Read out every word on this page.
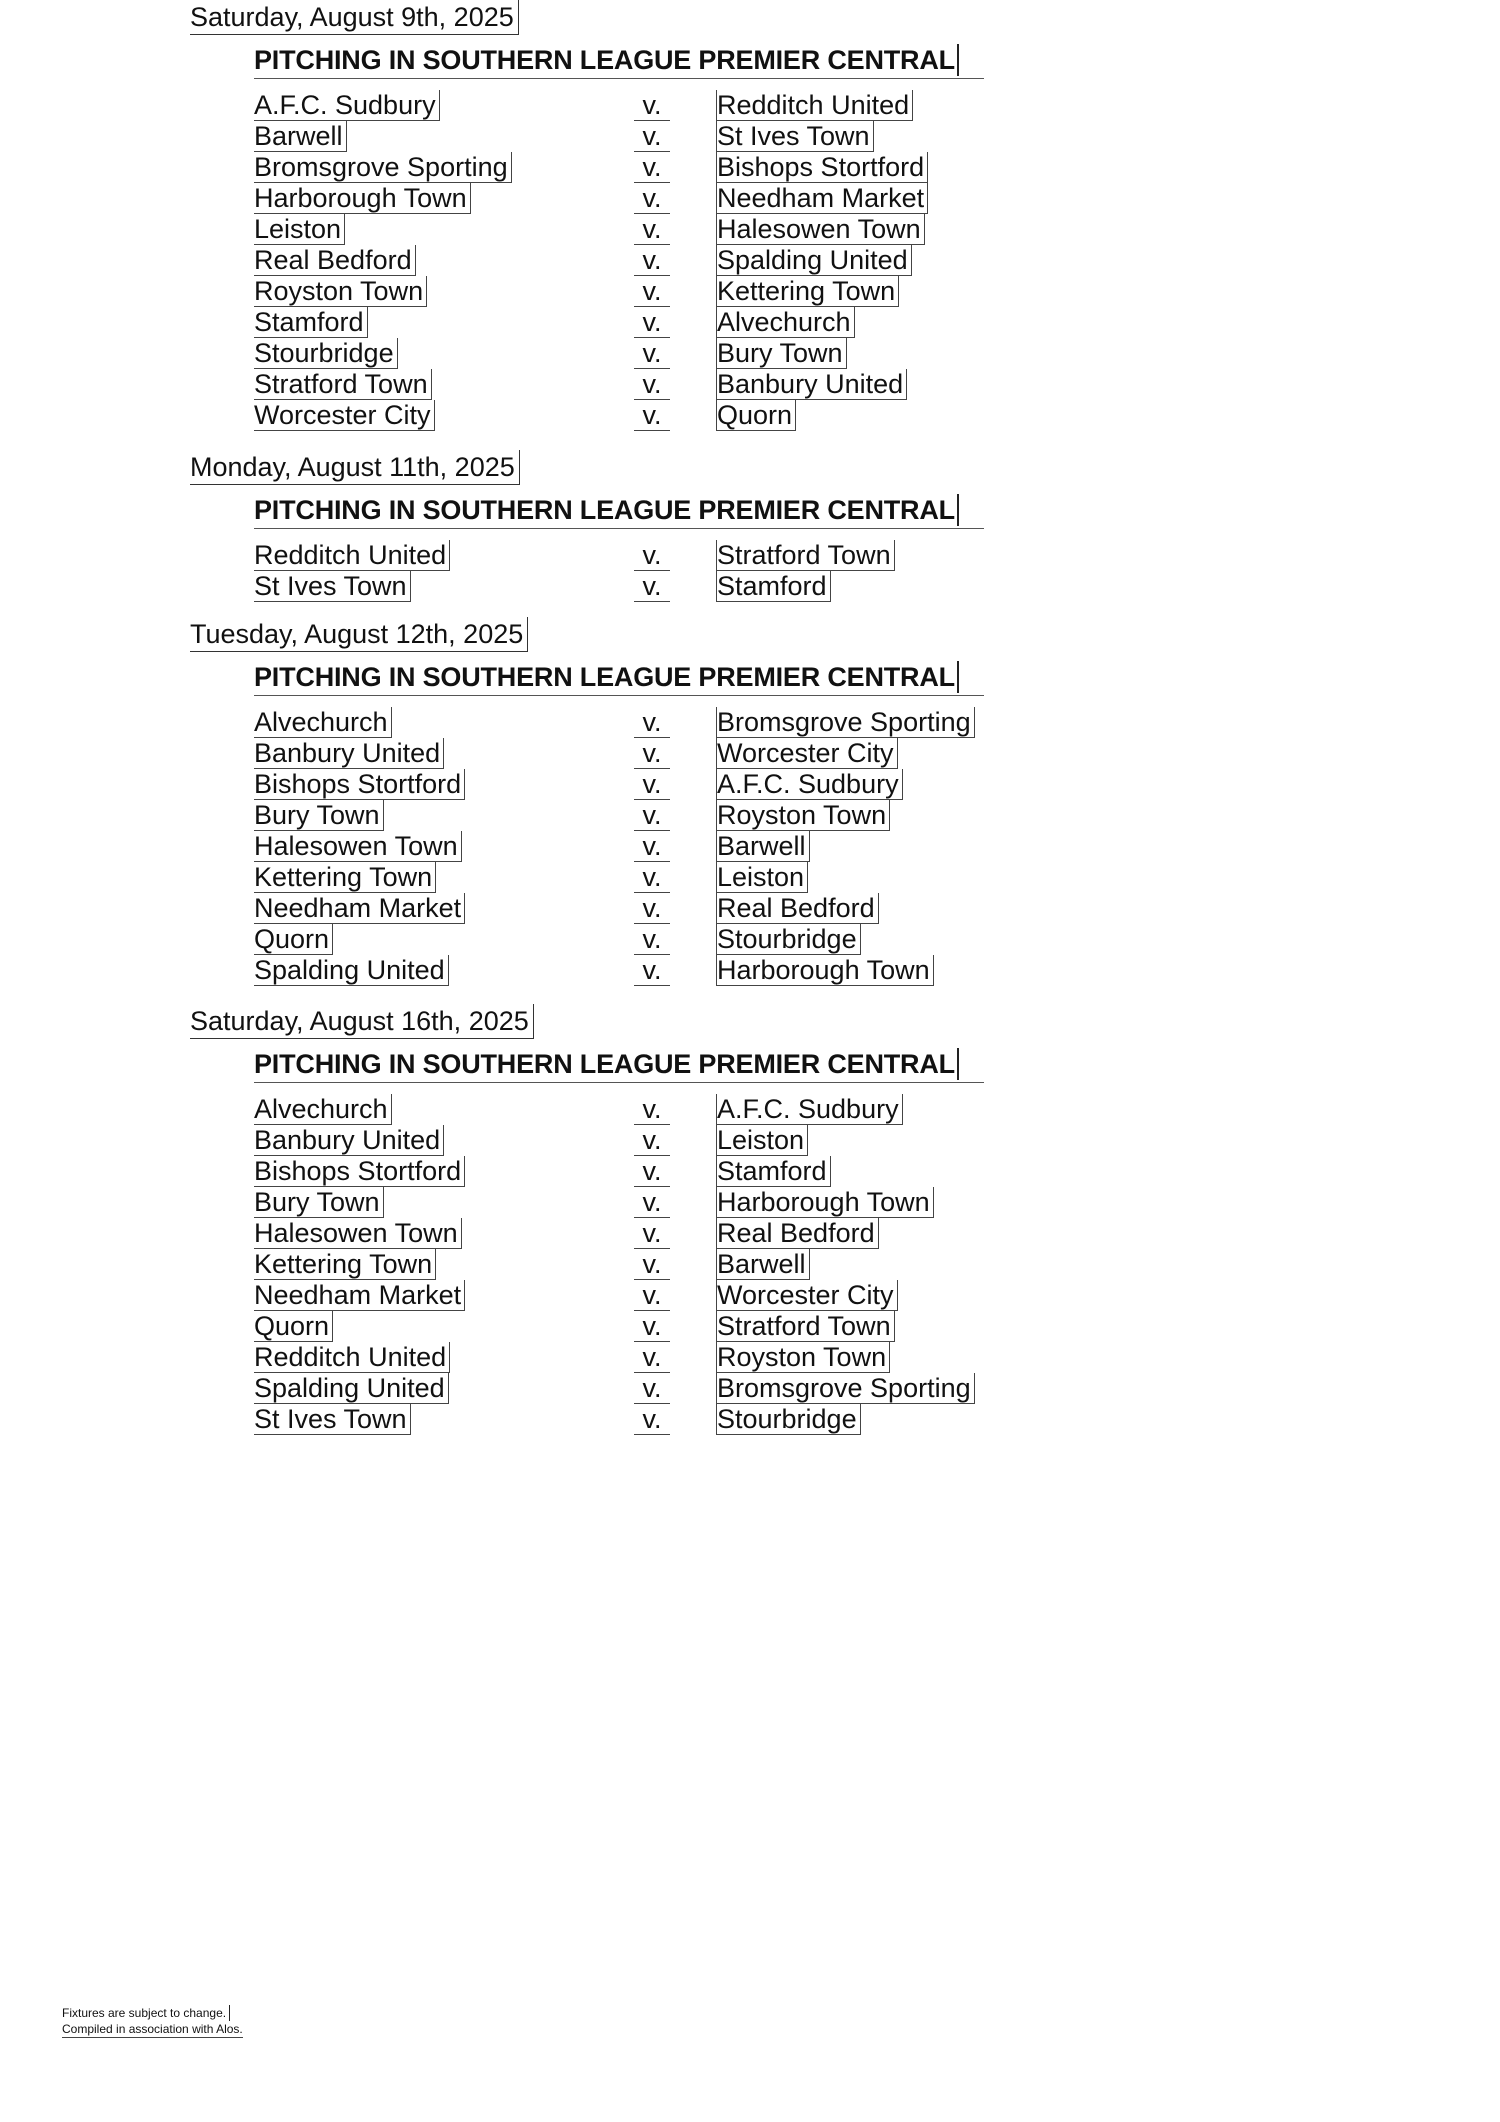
Saturday, August 9th, 2025
PITCHING IN SOUTHERN LEAGUE PREMIER CENTRAL
A.F.C. Sudbury	v.	Redditch United
Barwell	v.	St Ives Town
Bromsgrove Sporting	v.	Bishops Stortford
Harborough Town	v.	Needham Market
Leiston	v.	Halesowen Town
Real Bedford	v.	Spalding United
Royston Town	v.	Kettering Town
Stamford	v.	Alvechurch
Stourbridge	v.	Bury Town
Stratford Town	v.	Banbury United
Worcester City	v.	Quorn
Monday, August 11th, 2025
PITCHING IN SOUTHERN LEAGUE PREMIER CENTRAL
Redditch United	v.	Stratford Town
St Ives Town	v.	Stamford
Tuesday, August 12th, 2025
PITCHING IN SOUTHERN LEAGUE PREMIER CENTRAL
Alvechurch	v.	Bromsgrove Sporting
Banbury United	v.	Worcester City
Bishops Stortford	v.	A.F.C. Sudbury
Bury Town	v.	Royston Town
Halesowen Town	v.	Barwell
Kettering Town	v.	Leiston
Needham Market	v.	Real Bedford
Quorn	v.	Stourbridge
Spalding United	v.	Harborough Town
Saturday, August 16th, 2025
PITCHING IN SOUTHERN LEAGUE PREMIER CENTRAL
Alvechurch	v.	A.F.C. Sudbury
Banbury United	v.	Leiston
Bishops Stortford	v.	Stamford
Bury Town	v.	Harborough Town
Halesowen Town	v.	Real Bedford
Kettering Town	v.	Barwell
Needham Market	v.	Worcester City
Quorn	v.	Stratford Town
Redditch United	v.	Royston Town
Spalding United	v.	Bromsgrove Sporting
St Ives Town	v.	Stourbridge
Fixtures are subject to change.
Compiled in association with Alos.
